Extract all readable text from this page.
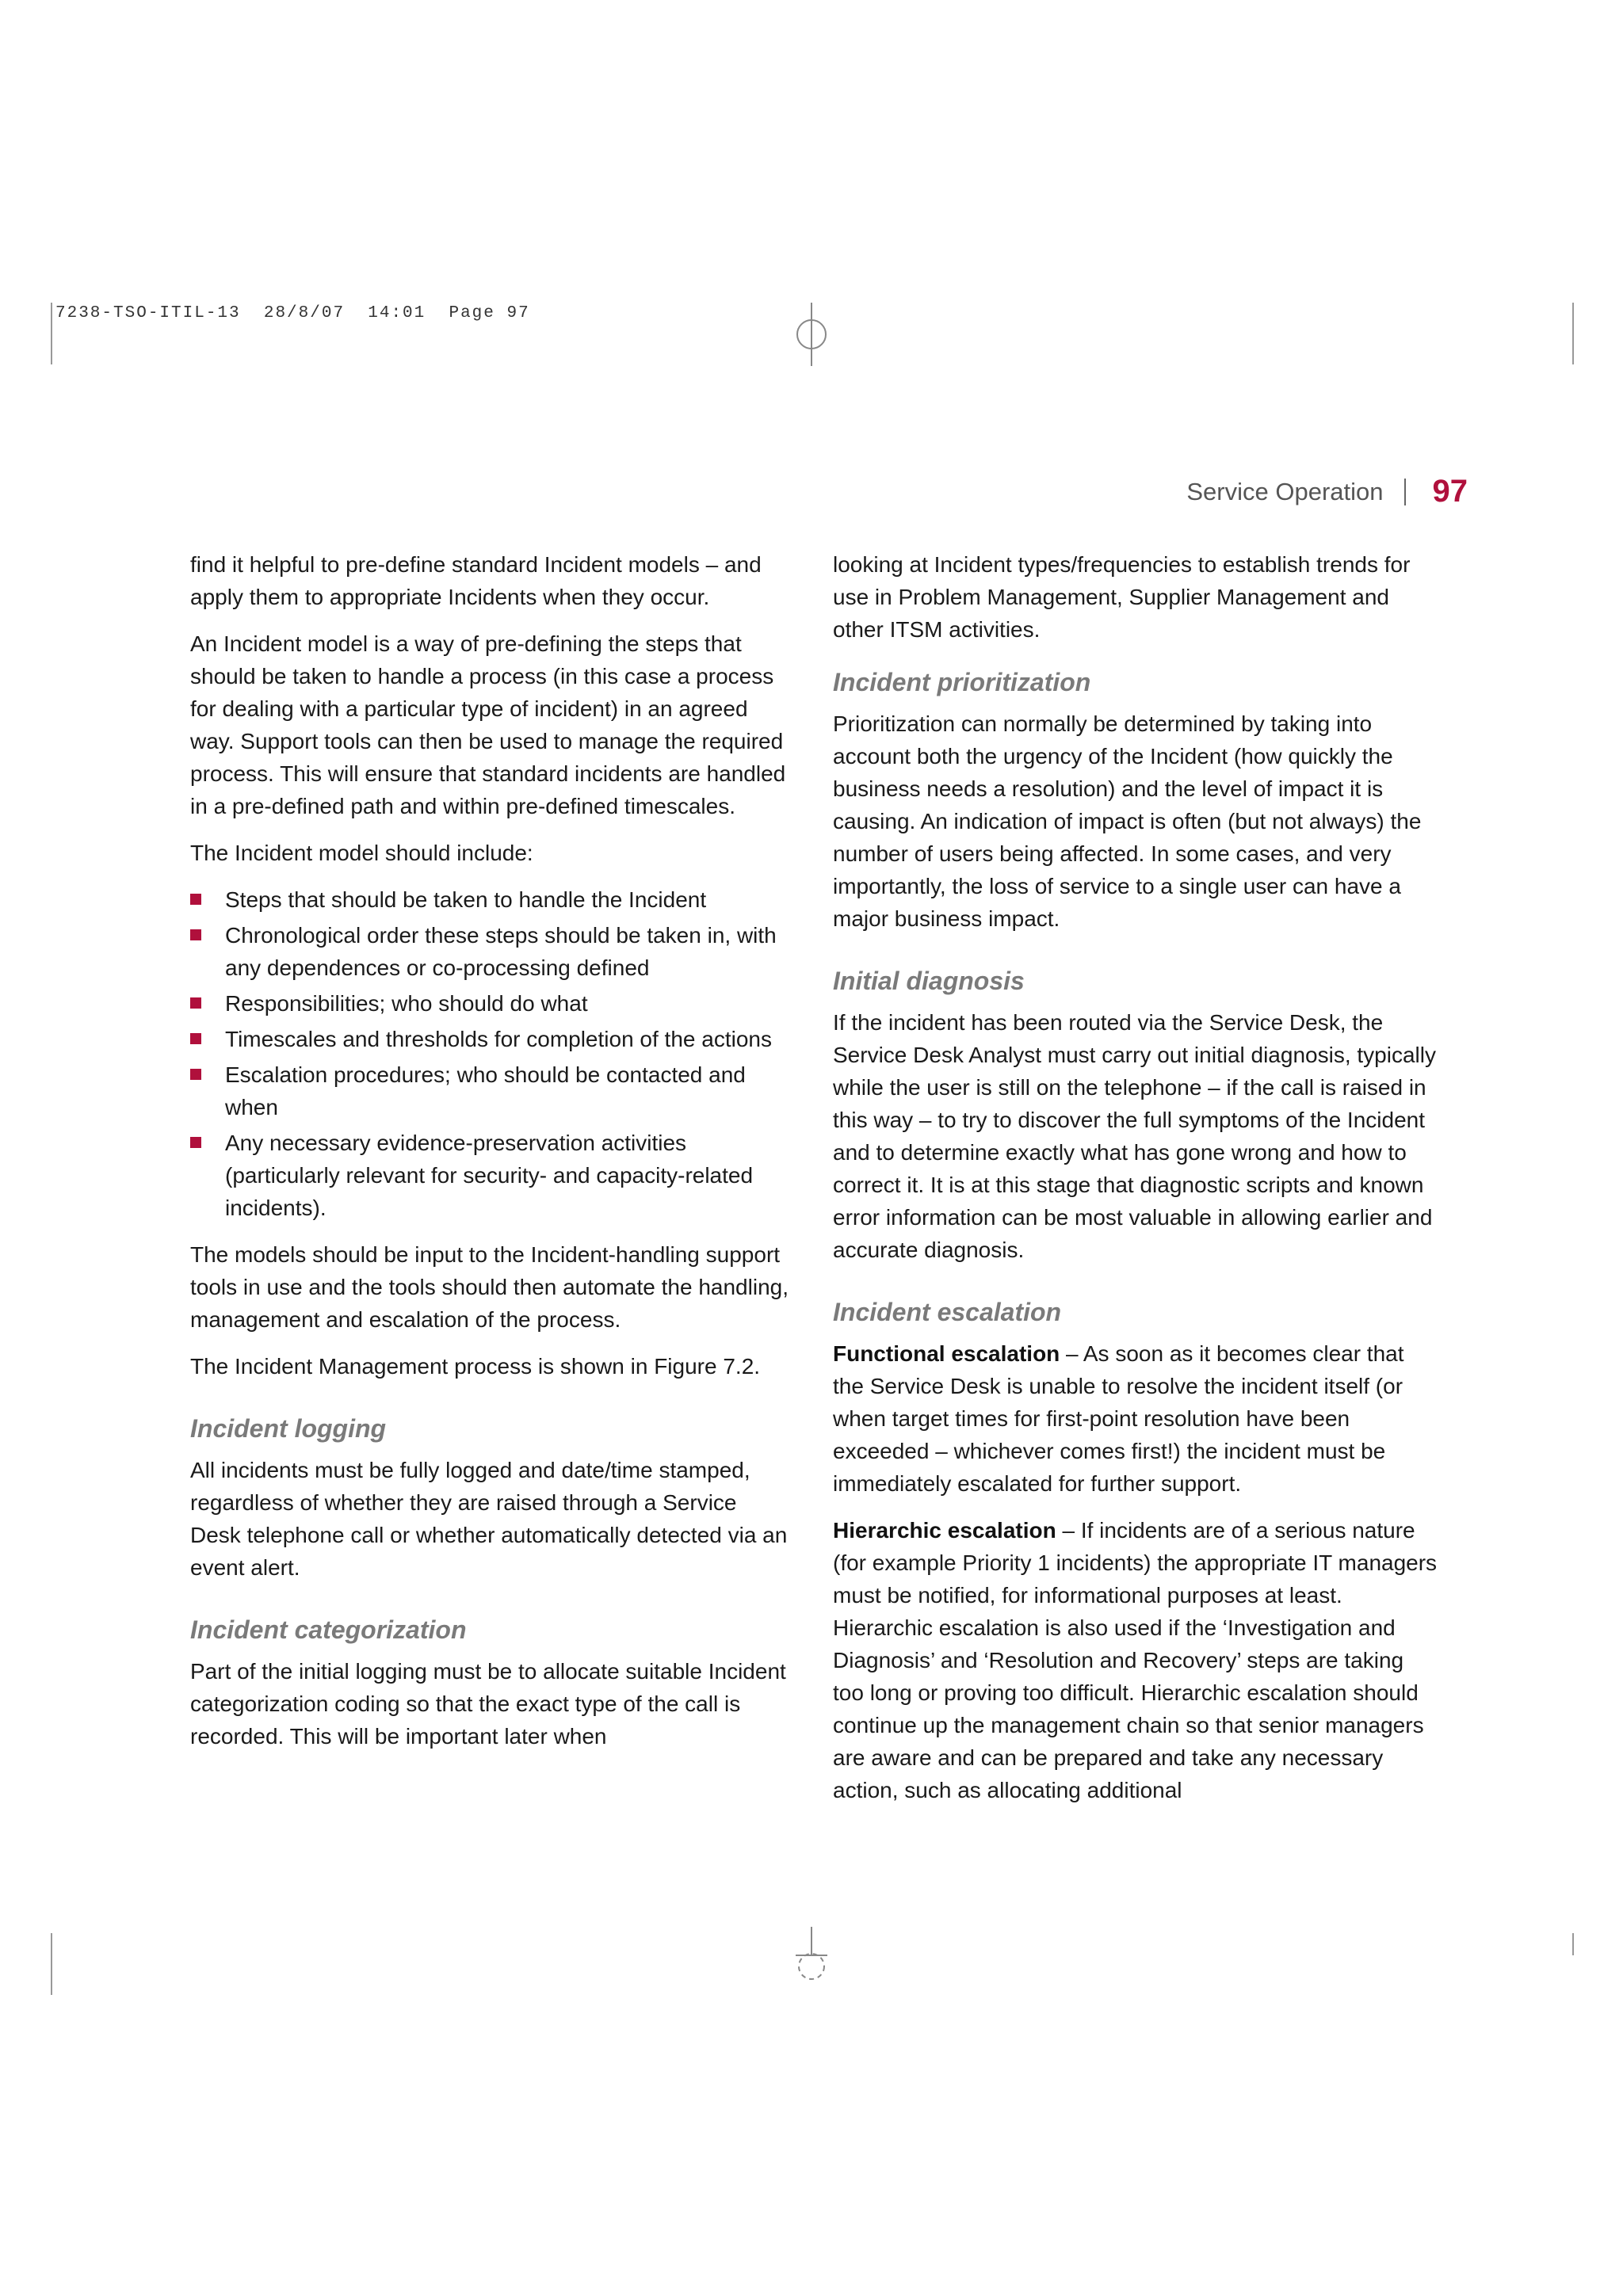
7238-TSO-ITIL-13  28/8/07  14:01  Page 97
Service Operation 97

find it helpful to pre-define standard Incident models – and apply them to appropriate Incidents when they occur.

An Incident model is a way of pre-defining the steps that should be taken to handle a process (in this case a process for dealing with a particular type of incident) in an agreed way. Support tools can then be used to manage the required process. This will ensure that standard incidents are handled in a pre-defined path and within pre-defined timescales.

The Incident model should include:

Steps that should be taken to handle the Incident
Chronological order these steps should be taken in, with any dependences or co-processing defined
Responsibilities; who should do what
Timescales and thresholds for completion of the actions
Escalation procedures; who should be contacted and when
Any necessary evidence-preservation activities (particularly relevant for security- and capacity-related incidents).

The models should be input to the Incident-handling support tools in use and the tools should then automate the handling, management and escalation of the process.

The Incident Management process is shown in Figure 7.2.

Incident logging

All incidents must be fully logged and date/time stamped, regardless of whether they are raised through a Service Desk telephone call or whether automatically detected via an event alert.

Incident categorization

Part of the initial logging must be to allocate suitable Incident categorization coding so that the exact type of the call is recorded. This will be important later when

looking at Incident types/frequencies to establish trends for use in Problem Management, Supplier Management and other ITSM activities.

Incident prioritization

Prioritization can normally be determined by taking into account both the urgency of the Incident (how quickly the business needs a resolution) and the level of impact it is causing. An indication of impact is often (but not always) the number of users being affected. In some cases, and very importantly, the loss of service to a single user can have a major business impact.

Initial diagnosis

If the incident has been routed via the Service Desk, the Service Desk Analyst must carry out initial diagnosis, typically while the user is still on the telephone – if the call is raised in this way – to try to discover the full symptoms of the Incident and to determine exactly what has gone wrong and how to correct it. It is at this stage that diagnostic scripts and known error information can be most valuable in allowing earlier and accurate diagnosis.

Incident escalation

Functional escalation – As soon as it becomes clear that the Service Desk is unable to resolve the incident itself (or when target times for first-point resolution have been exceeded – whichever comes first!) the incident must be immediately escalated for further support.

Hierarchic escalation – If incidents are of a serious nature (for example Priority 1 incidents) the appropriate IT managers must be notified, for informational purposes at least. Hierarchic escalation is also used if the ‘Investigation and Diagnosis’ and ‘Resolution and Recovery’ steps are taking too long or proving too difficult. Hierarchic escalation should continue up the management chain so that senior managers are aware and can be prepared and take any necessary action, such as allocating additional
